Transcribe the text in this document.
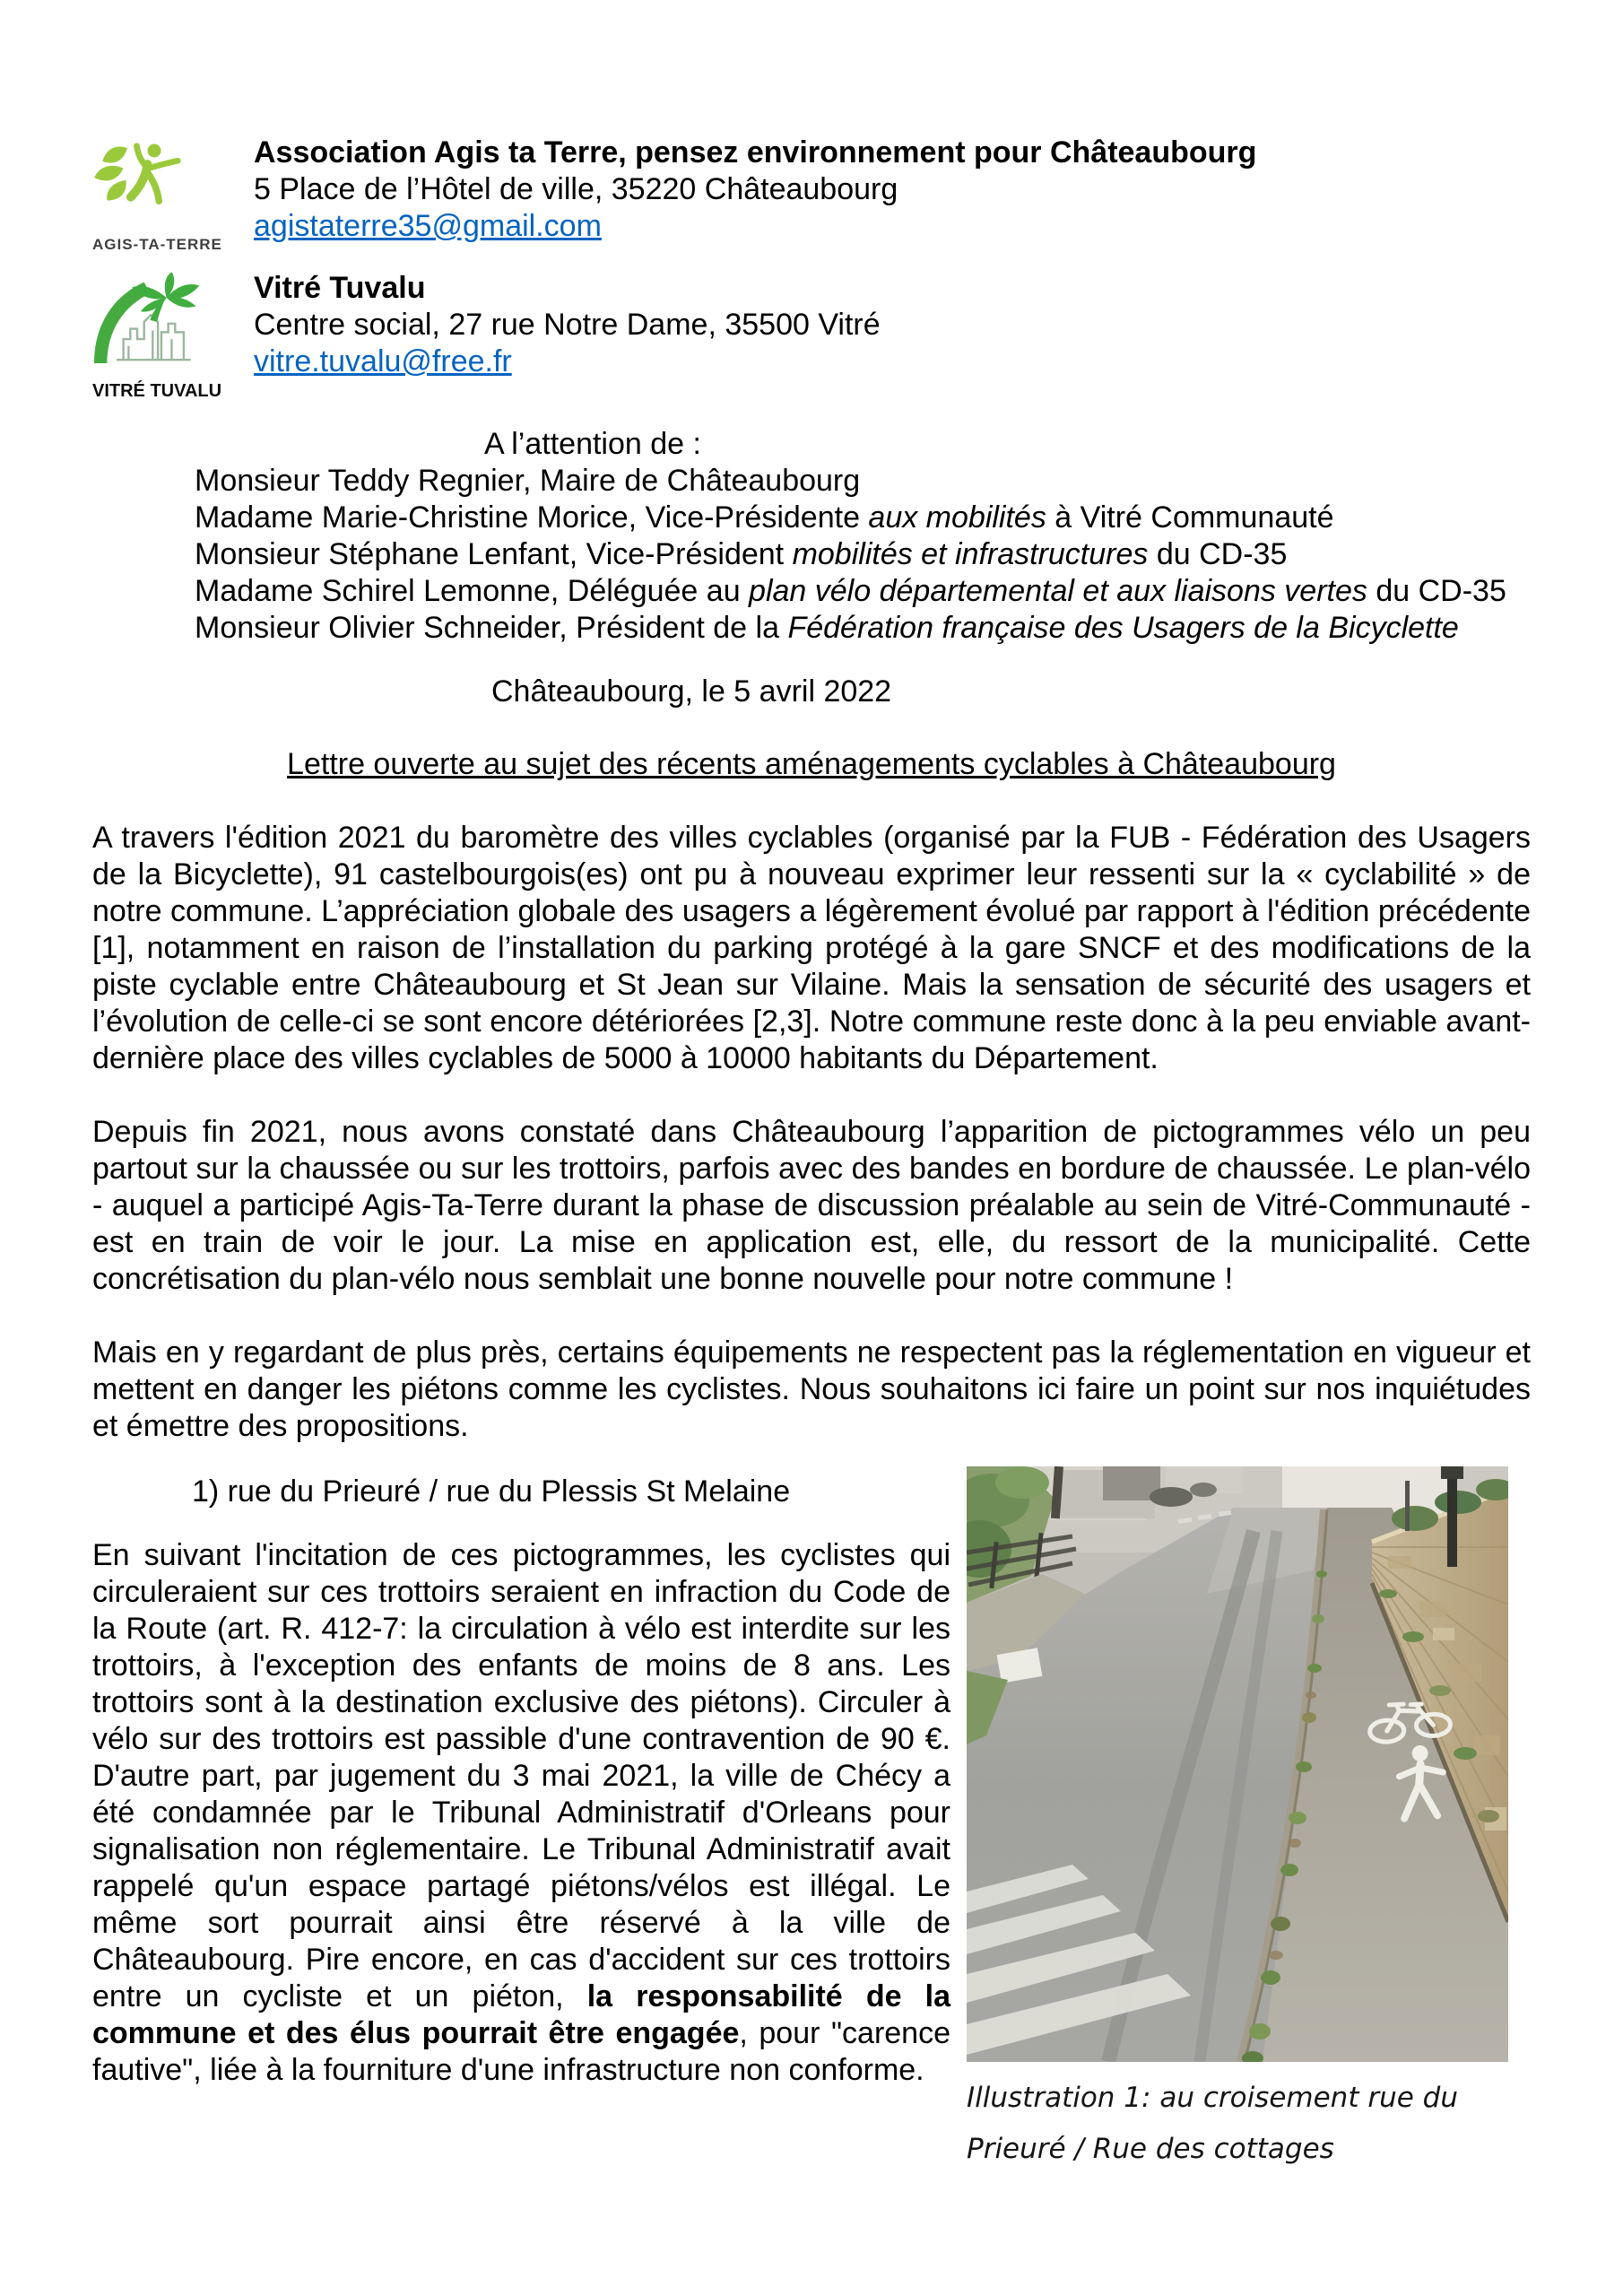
AGIS-TA-TERRE
Association Agis ta Terre, pensez environnement pour Châteaubourg
5 Place de l’Hôtel de ville, 35220 Châteaubourg
agistaterre35@gmail.com
VITRÉ TUVALU
Vitré Tuvalu
Centre social, 27 rue Notre Dame, 35500 Vitré
vitre.tuvalu@free.fr
A l’attention de :
Monsieur Teddy Regnier, Maire de Châteaubourg
Madame Marie-Christine Morice, Vice-Présidente aux mobilités à Vitré Communauté
Monsieur Stéphane Lenfant, Vice-Président mobilités et infrastructures du CD-35
Madame Schirel Lemonne, Déléguée au plan vélo départemental et aux liaisons vertes du CD-35
Monsieur Olivier Schneider, Président de la Fédération française des Usagers de la Bicyclette
Châteaubourg, le 5 avril 2022
Lettre ouverte au sujet des récents aménagements cyclables à Châteaubourg

A travers l'édition 2021 du baromètre des villes cyclables (organisé par la FUB - Fédération des Usagers de la Bicyclette), 91 castelbourgois(es) ont pu à nouveau exprimer leur ressenti sur la « cyclabilité » de notre commune. L’appréciation globale des usagers a légèrement évolué par rapport à l'édition précédente [1], notamment en raison de l’installation du parking protégé à la gare SNCF et des modifications de la piste cyclable entre Châteaubourg et St Jean sur Vilaine. Mais la sensation de sécurité des usagers et l’évolution de celle-ci se sont encore détériorées [2,3]. Notre commune reste donc à la peu enviable avant-dernière place des villes cyclables de 5000 à 10000 habitants du Département.

Depuis fin 2021, nous avons constaté dans Châteaubourg l’apparition de pictogrammes vélo un peu partout sur la chaussée ou sur les trottoirs, parfois avec des bandes en bordure de chaussée. Le plan-vélo - auquel a participé Agis-Ta-Terre durant la phase de discussion préalable au sein de Vitré-Communauté - est en train de voir le jour. La mise en application est, elle, du ressort de la municipalité. Cette concrétisation du plan-vélo nous semblait une bonne nouvelle pour notre commune !

Mais en y regardant de plus près, certains équipements ne respectent pas la réglementation en vigueur et mettent en danger les piétons comme les cyclistes. Nous souhaitons ici faire un point sur nos inquiétudes et émettre des propositions.

Illustration 1: au croisement rue du Prieuré / Rue des cottages
1) rue du Prieuré / rue du Plessis St Melaine

En suivant l'incitation de ces pictogrammes, les cyclistes qui circuleraient sur ces trottoirs seraient en infraction du Code de la Route (art. R. 412-7: la circulation à vélo est interdite sur les trottoirs, à l'exception des enfants de moins de 8 ans. Les trottoirs sont à la destination exclusive des piétons). Circuler à vélo sur des trottoirs est passible d'une contravention de 90 €. D'autre part, par jugement du 3 mai 2021, la ville de Chécy a été condamnée par le Tribunal Administratif d'Orleans pour signalisation non réglementaire. Le Tribunal Administratif avait rappelé qu'un espace partagé piétons/vélos est illégal. Le même sort pourrait ainsi être réservé à la ville de Châteaubourg. Pire encore, en cas d'accident sur ces trottoirs entre un cycliste et un piéton, la responsabilité de la commune et des élus pourrait être engagée, pour "carence fautive", liée à la fourniture d'une infrastructure non conforme.
